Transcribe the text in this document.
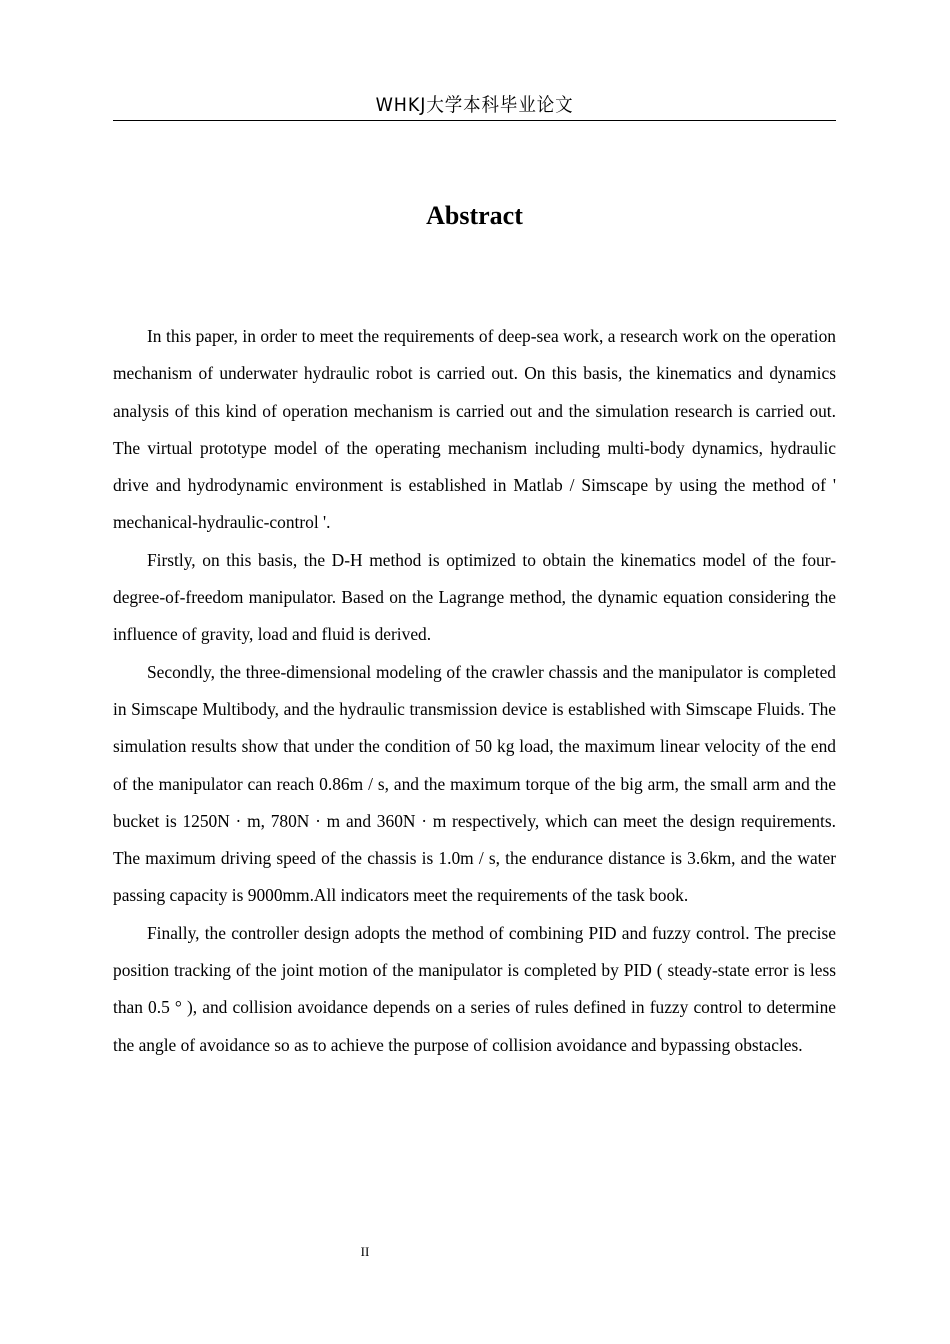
WHKJ大学本科毕业论文
Abstract

In this paper, in order to meet the requirements of deep-sea work, a research work on the operation mechanism of underwater hydraulic robot is carried out. On this basis, the kinematics and dynamics analysis of this kind of operation mechanism is carried out and the simulation research is carried out. The virtual prototype model of the operating mechanism including multi-body dynamics, hydraulic drive and hydrodynamic environment is established in Matlab / Simscape by using the method of ' mechanical-hydraulic-control '.

Firstly, on this basis, the D-H method is optimized to obtain the kinematics model of the four-degree-of-freedom manipulator. Based on the Lagrange method, the dynamic equation considering the influence of gravity, load and fluid is derived.

Secondly, the three-dimensional modeling of the crawler chassis and the manipulator is completed in Simscape Multibody, and the hydraulic transmission device is established with Simscape Fluids. The simulation results show that under the condition of 50 kg load, the maximum linear velocity of the end of the manipulator can reach 0.86m / s, and the maximum torque of the big arm, the small arm and the bucket is 1250N · m, 780N · m and 360N · m respectively, which can meet the design requirements. The maximum driving speed of the chassis is 1.0m / s, the endurance distance is 3.6km, and the water passing capacity is 9000mm.All indicators meet the requirements of the task book.

Finally, the controller design adopts the method of combining PID and fuzzy control. The precise position tracking of the joint motion of the manipulator is completed by PID ( steady-state error is less than 0.5 ° ), and collision avoidance depends on a series of rules defined in fuzzy control to determine the angle of avoidance so as to achieve the purpose of collision avoidance and bypassing obstacles.

II
